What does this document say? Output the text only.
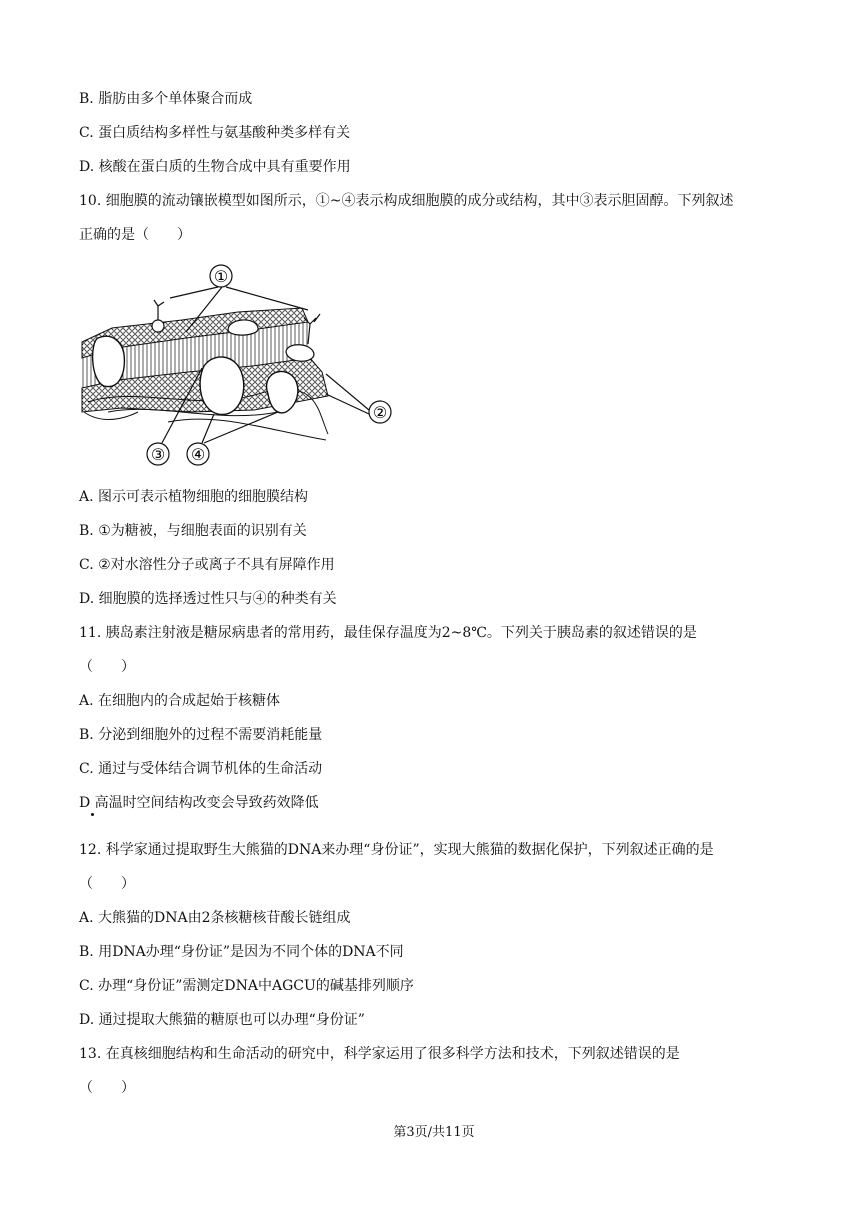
B. 脂肪由多个单体聚合而成
C. 蛋白质结构多样性与氨基酸种类多样有关
D. 核酸在蛋白质的生物合成中具有重要作用
10. 细胞膜的流动镶嵌模型如图所示，①~④表示构成细胞膜的成分或结构，其中③表示胆固醇。下列叙述
正确的是（　　）
①
②
③ ④
A. 图示可表示植物细胞的细胞膜结构
B. ①为糖被，与细胞表面的识别有关
C. ②对水溶性分子或离子不具有屏障作用
D. 细胞膜的选择透过性只与④的种类有关
11. 胰岛素注射液是糖尿病患者的常用药，最佳保存温度为2~8℃。下列关于胰岛素的叙述错误的是
（　　）
A. 在细胞内的合成起始于核糖体
B. 分泌到细胞外的过程不需要消耗能量
C. 通过与受体结合调节机体的生命活动
D 高温时空间结构改变会导致药效降低
12. 科学家通过提取野生大熊猫的DNA来办理“身份证”，实现大熊猫的数据化保护，下列叙述正确的是
（　　）
A. 大熊猫的DNA由2条核糖核苷酸长链组成
B. 用DNA办理“身份证”是因为不同个体的DNA不同
C. 办理“身份证”需测定DNA中AGCU的碱基排列顺序
D. 通过提取大熊猫的糖原也可以办理“身份证”
13. 在真核细胞结构和生命活动的研究中，科学家运用了很多科学方法和技术，下列叙述错误的是
（　　）
第3页/共11页
